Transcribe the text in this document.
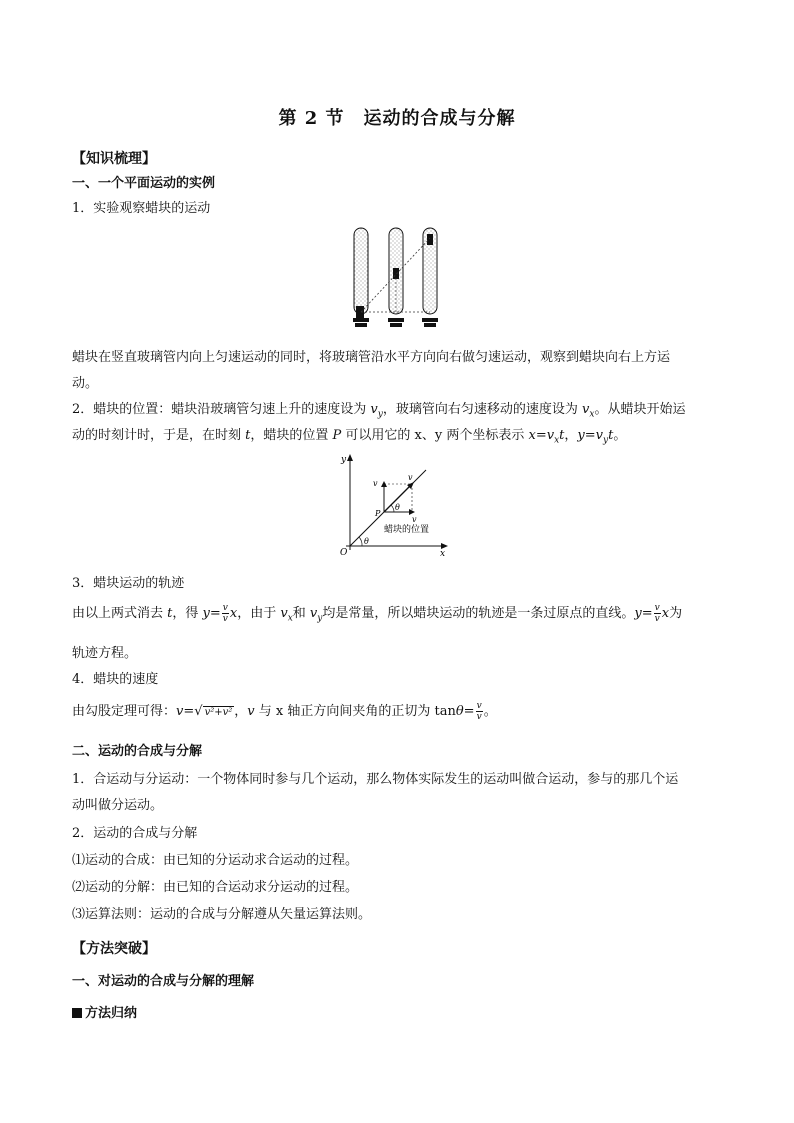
第 2 节　运动的合成与分解
【知识梳理】
一、一个平面运动的实例
1．实验观察蜡块的运动
蜡块在竖直玻璃管内向上匀速运动的同时，将玻璃管沿水平方向向右做匀速运动，观察到蜡块向右上方运
动。
2．蜡块的位置：蜡块沿玻璃管匀速上升的速度设为 $v_y$，玻璃管向右匀速移动的速度设为 $v_x$。从蜡块开始运
动的时刻计时，于是，在时刻 t，蜡块的位置 P 可以用它的 x、y 两个坐标表示 $x=v_xt$，$y=v_yt$。
y
x
O
θ
θ
v
v
v
P
蜡块的位置
3．蜡块运动的轨迹
由以上两式消去 t，得 $y= \frac{v}{v}$ x，由于 $v_x$和 $v_y$均是常量，所以蜡块运动的轨迹是一条过原点的直线。$y= \frac{v}{v}$ x为
轨迹方程。
4．蜡块的速度
由勾股定理可得：v=√ v²+v² ，v 与 x 轴正方向间夹角的正切为 $\tan\theta= \frac{v}{v}$ 。
二、运动的合成与分解
1．合运动与分运动：一个物体同时参与几个运动，那么物体实际发生的运动叫做合运动，参与的那几个运
动叫做分运动。
2．运动的合成与分解
⑴运动的合成：由已知的分运动求合运动的过程。
⑵运动的分解：由已知的合运动求分运动的过程。
⑶运算法则：运动的合成与分解遵从矢量运算法则。
【方法突破】
一、对运动的合成与分解的理解
方法归纳
